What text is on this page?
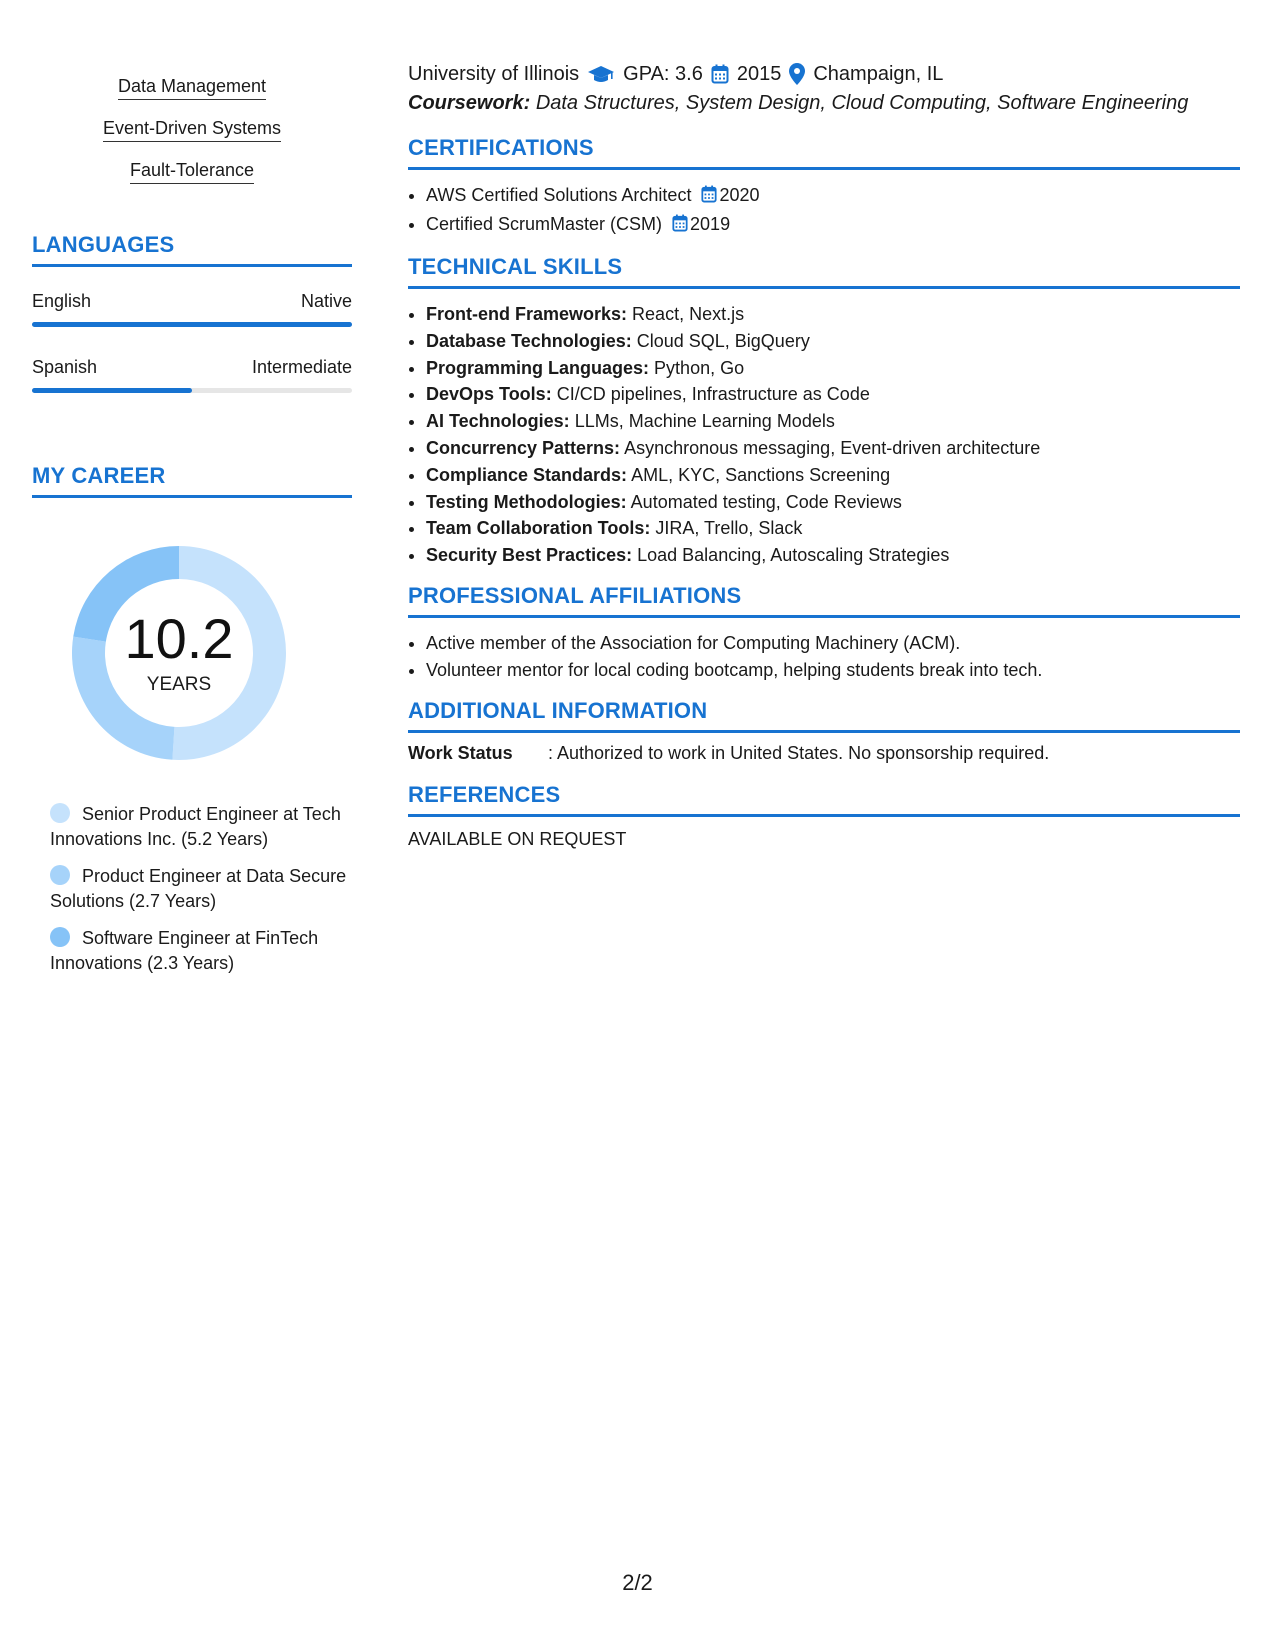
Data Management
Event-Driven Systems
Fault-Tolerance
LANGUAGES
English	Native
Spanish	Intermediate
MY CAREER
10.2
YEARS
Senior Product Engineer at Tech Innovations Inc. (5.2 Years)
Product Engineer at Data Secure Solutions (2.7 Years)
Software Engineer at FinTech Innovations (2.3 Years)
University of Illinois GPA: 3.6 2015 Champaign, IL
Coursework: Data Structures, System Design, Cloud Computing, Software Engineering
CERTIFICATIONS
• AWS Certified Solutions Architect 2020
• Certified ScrumMaster (CSM) 2019
TECHNICAL SKILLS
• Front-end Frameworks: React, Next.js
• Database Technologies: Cloud SQL, BigQuery
• Programming Languages: Python, Go
• DevOps Tools: CI/CD pipelines, Infrastructure as Code
• AI Technologies: LLMs, Machine Learning Models
• Concurrency Patterns: Asynchronous messaging, Event-driven architecture
• Compliance Standards: AML, KYC, Sanctions Screening
• Testing Methodologies: Automated testing, Code Reviews
• Team Collaboration Tools: JIRA, Trello, Slack
• Security Best Practices: Load Balancing, Autoscaling Strategies
PROFESSIONAL AFFILIATIONS
• Active member of the Association for Computing Machinery (ACM).
• Volunteer mentor for local coding bootcamp, helping students break into tech.
ADDITIONAL INFORMATION
Work Status	: Authorized to work in United States. No sponsorship required.
REFERENCES
AVAILABLE ON REQUEST
2/2
